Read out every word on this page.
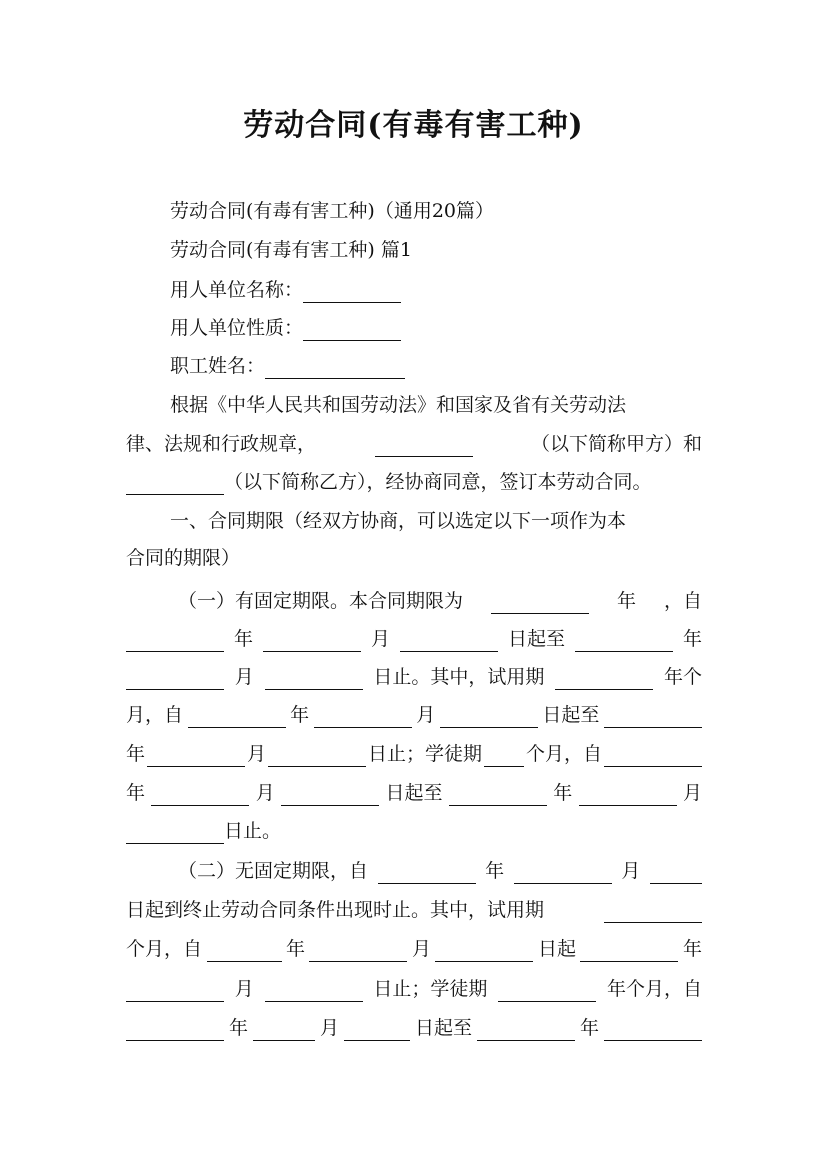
劳动合同(有毒有害工种)
劳动合同(有毒有害工种)（通用20篇）
劳动合同(有毒有害工种) 篇1
用人单位名称：
用人单位性质：
职工姓名：
根据《中华人民共和国劳动法》和国家及省有关劳动法
律、法规和行政规章，	（以下简称甲方）和
（以下简称乙方），经协商同意，签订本劳动合同。
一、合同期限（经双方协商，可以选定以下一项作为本
合同的期限）
（一）有固定期限。本合同期限为	年 ，自
年	月	日起至	年
月	日止。其中，试用期	年个
月，自	年	月	日起至
年	月	日止；学徒期 个月，自
年	月	日起至	年	月
日止。
（二）无固定期限，自	年	月
日起到终止劳动合同条件出现时止。其中，试用期
个月，自	年	月	日起	年
月	日止；学徒期	年个月，自
年	月	日起至	年
